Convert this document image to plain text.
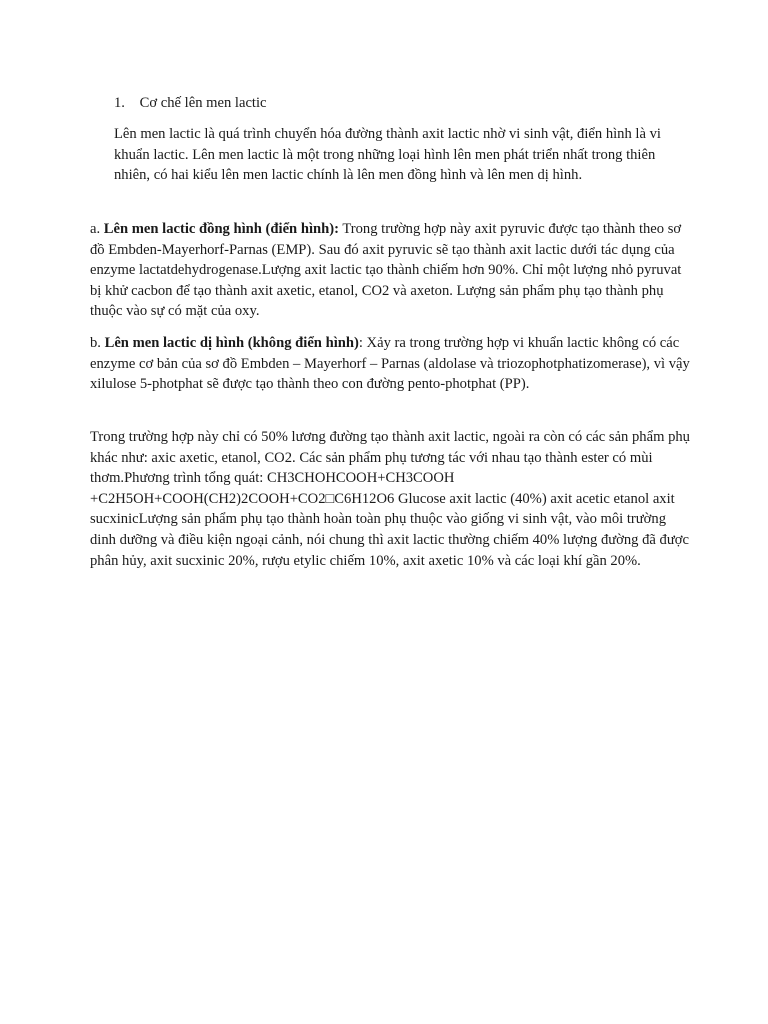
1. Cơ chế lên men lactic

Lên men lactic là quá trình chuyển hóa đường thành axit lactic nhờ vi sinh vật, điển hình là vi khuẩn lactic. Lên men lactic là một trong những loại hình lên men phát triển nhất trong thiên nhiên, có hai kiểu lên men lactic chính là lên men đồng hình và lên men dị hình.

a. Lên men lactic đồng hình (điển hình): Trong trường hợp này axit pyruvic được tạo thành theo sơ đồ Embden-Mayerhorf-Parnas (EMP). Sau đó axit pyruvic sẽ tạo thành axit lactic dưới tác dụng của enzyme lactatdehydrogenase.Lượng axit lactic tạo thành chiếm hơn 90%. Chỉ một lượng nhỏ pyruvat bị khử cacbon để tạo thành axit axetic, etanol, CO2 và axeton. Lượng sản phẩm phụ tạo thành phụ thuộc vào sự có mặt của oxy.

b. Lên men lactic dị hình (không điển hình): Xảy ra trong trường hợp vi khuẩn lactic không có các enzyme cơ bản của sơ đồ Embden – Mayerhorf – Parnas (aldolase và triozophotphatizomerase), vì vậy xilulose 5-photphat sẽ được tạo thành theo con đường pento-photphat (PP).

Trong trường hợp này chỉ có 50% lương đường tạo thành axit lactic, ngoài ra còn có các sản phẩm phụ khác như: axic axetic, etanol, CO2. Các sản phẩm phụ tương tác với nhau tạo thành ester có mùi thơm.Phương trình tổng quát: CH3CHOHCOOH+CH3COOH +C2H5OH+COOH(CH2)2COOH+CO2□C6H12O6 Glucose axit lactic (40%) axit acetic etanol axit sucxinicLượng sản phẩm phụ tạo thành hoàn toàn phụ thuộc vào giống vi sinh vật, vào môi trường dinh dưỡng và điều kiện ngoại cảnh, nói chung thì axit lactic thường chiếm 40% lượng đường đã được phân hủy, axit sucxinic 20%, rượu etylic chiếm 10%, axit axetic 10% và các loại khí gần 20%.
